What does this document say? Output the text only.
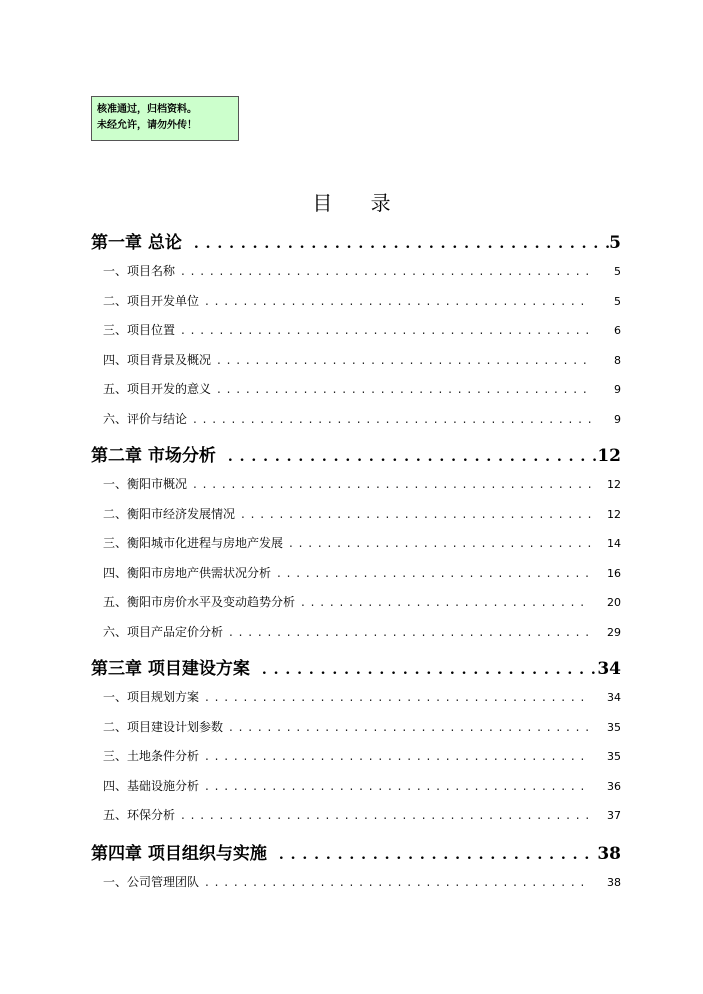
核准通过，归档资料。
未经允许，请勿外传！
目 录
第一章 总论 . . .	5
一、项目名称 . . .	5
二、项目开发单位 . . .	5
三、项目位置 . . .	6
四、项目背景及概况 . . .	8
五、项目开发的意义 . . .	9
六、评价与结论 . . .	9
第二章 市场分析 . . .	12
一、衡阳市概况 . . .	12
二、衡阳市经济发展情况 . . .	12
三、衡阳城市化进程与房地产发展 . . .	14
四、衡阳市房地产供需状况分析 . . .	16
五、衡阳市房价水平及变动趋势分析 . . .	20
六、项目产品定价分析 . . .	29
第三章 项目建设方案 . . .	34
一、项目规划方案 . . .	34
二、项目建设计划参数 . . .	35
三、土地条件分析 . . .	35
四、基础设施分析 . . .	36
五、环保分析 . . .	37
第四章 项目组织与实施 . . .	38
一、公司管理团队 . . .	38
